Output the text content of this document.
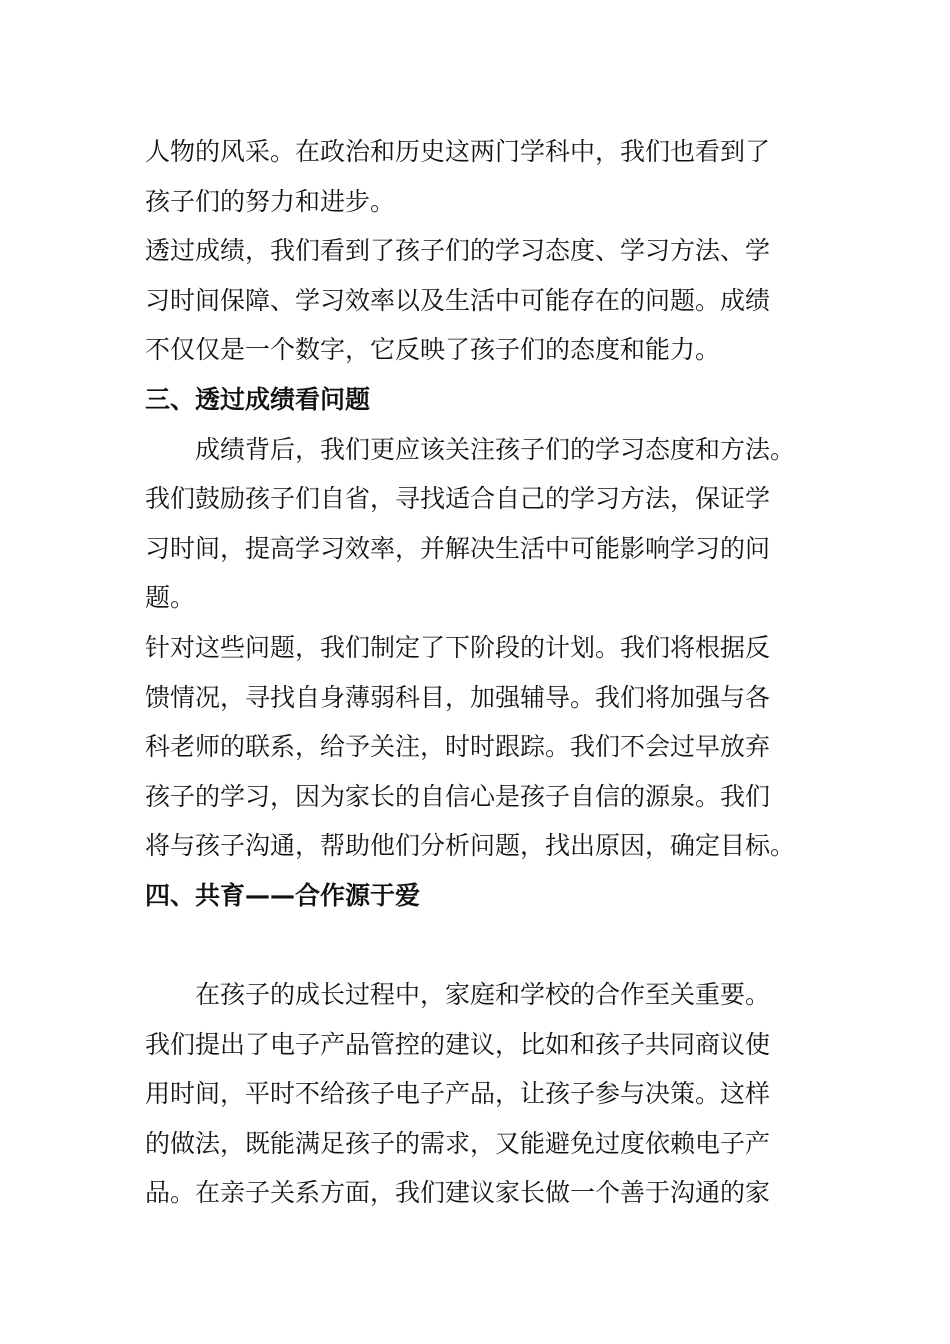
人物的风采。在政治和历史这两门学科中，我们也看到了
孩子们的努力和进步。
透过成绩，我们看到了孩子们的学习态度、学习方法、学
习时间保障、学习效率以及生活中可能存在的问题。成绩
不仅仅是一个数字，它反映了孩子们的态度和能力。
三、透过成绩看问题
成绩背后，我们更应该关注孩子们的学习态度和方法。
我们鼓励孩子们自省，寻找适合自己的学习方法，保证学
习时间，提高学习效率，并解决生活中可能影响学习的问
题。
针对这些问题，我们制定了下阶段的计划。我们将根据反
馈情况，寻找自身薄弱科目，加强辅导。我们将加强与各
科老师的联系，给予关注，时时跟踪。我们不会过早放弃
孩子的学习，因为家长的自信心是孩子自信的源泉。我们
将与孩子沟通，帮助他们分析问题，找出原因，确定目标。
四、共育——合作源于爱
在孩子的成长过程中，家庭和学校的合作至关重要。
我们提出了电子产品管控的建议，比如和孩子共同商议使
用时间，平时不给孩子电子产品，让孩子参与决策。这样
的做法，既能满足孩子的需求，又能避免过度依赖电子产
品。在亲子关系方面，我们建议家长做一个善于沟通的家
